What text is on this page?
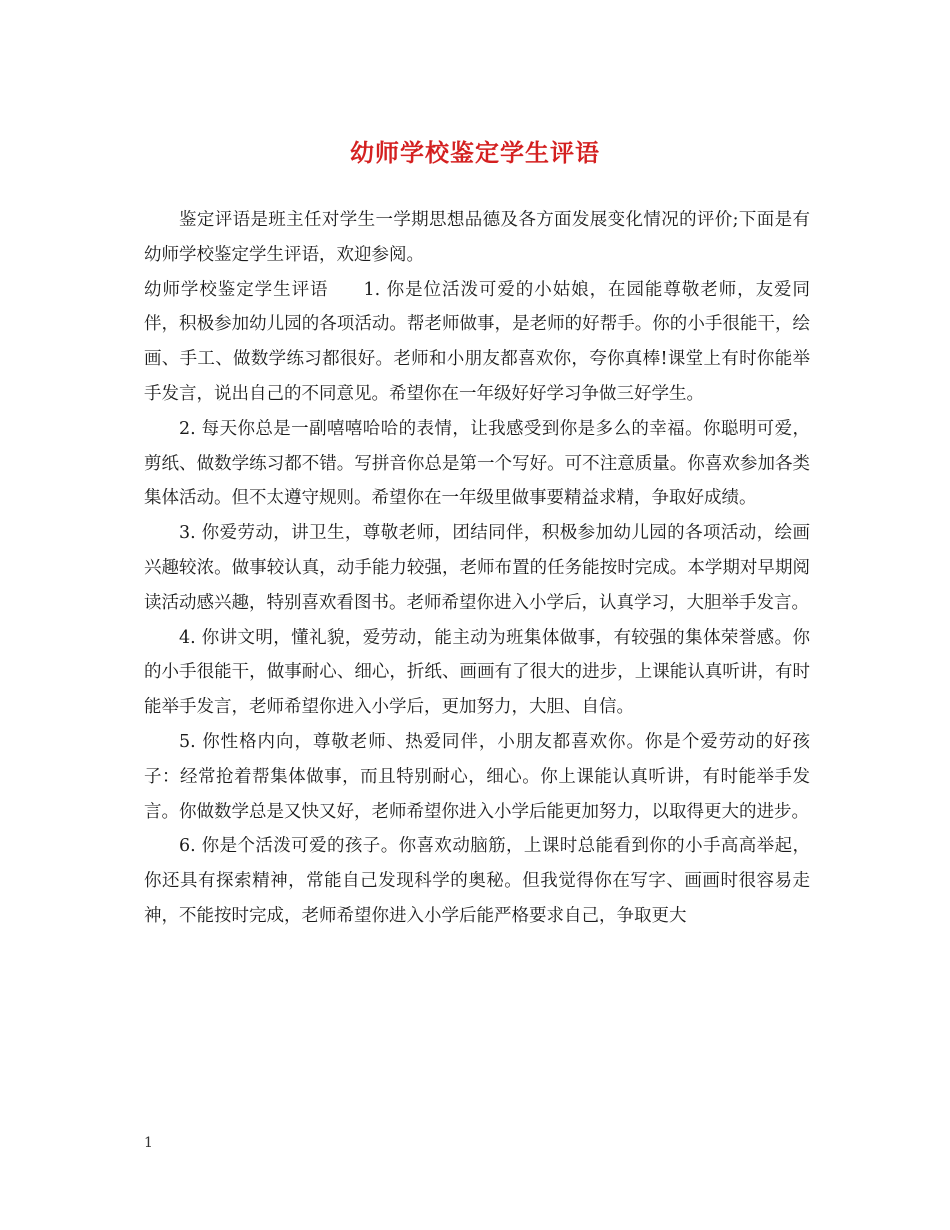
幼师学校鉴定学生评语

鉴定评语是班主任对学生一学期思想品德及各方面发展变化情况的评价;下面是有幼师学校鉴定学生评语，欢迎参阅。

幼师学校鉴定学生评语 1. 你是位活泼可爱的小姑娘，在园能尊敬老师，友爱同伴，积极参加幼儿园的各项活动。帮老师做事，是老师的好帮手。你的小手很能干，绘画、手工、做数学练习都很好。老师和小朋友都喜欢你，夸你真棒!课堂上有时你能举手发言，说出自己的不同意见。希望你在一年级好好学习争做三好学生。

2. 每天你总是一副嘻嘻哈哈的表情，让我感受到你是多么的幸福。你聪明可爱，剪纸、做数学练习都不错。写拼音你总是第一个写好。可不注意质量。你喜欢参加各类集体活动。但不太遵守规则。希望你在一年级里做事要精益求精，争取好成绩。

3. 你爱劳动，讲卫生，尊敬老师，团结同伴，积极参加幼儿园的各项活动，绘画兴趣较浓。做事较认真，动手能力较强，老师布置的任务能按时完成。本学期对早期阅读活动感兴趣，特别喜欢看图书。老师希望你进入小学后，认真学习，大胆举手发言。

4. 你讲文明，懂礼貌，爱劳动，能主动为班集体做事，有较强的集体荣誉感。你的小手很能干，做事耐心、细心，折纸、画画有了很大的进步，上课能认真听讲，有时能举手发言，老师希望你进入小学后，更加努力，大胆、自信。

5. 你性格内向，尊敬老师、热爱同伴，小朋友都喜欢你。你是个爱劳动的好孩子：经常抢着帮集体做事，而且特别耐心，细心。你上课能认真听讲，有时能举手发言。你做数学总是又快又好，老师希望你进入小学后能更加努力，以取得更大的进步。

6. 你是个活泼可爱的孩子。你喜欢动脑筋，上课时总能看到你的小手高高举起，你还具有探索精神，常能自己发现科学的奥秘。但我觉得你在写字、画画时很容易走神，不能按时完成，老师希望你进入小学后能严格要求自己，争取更大

1
